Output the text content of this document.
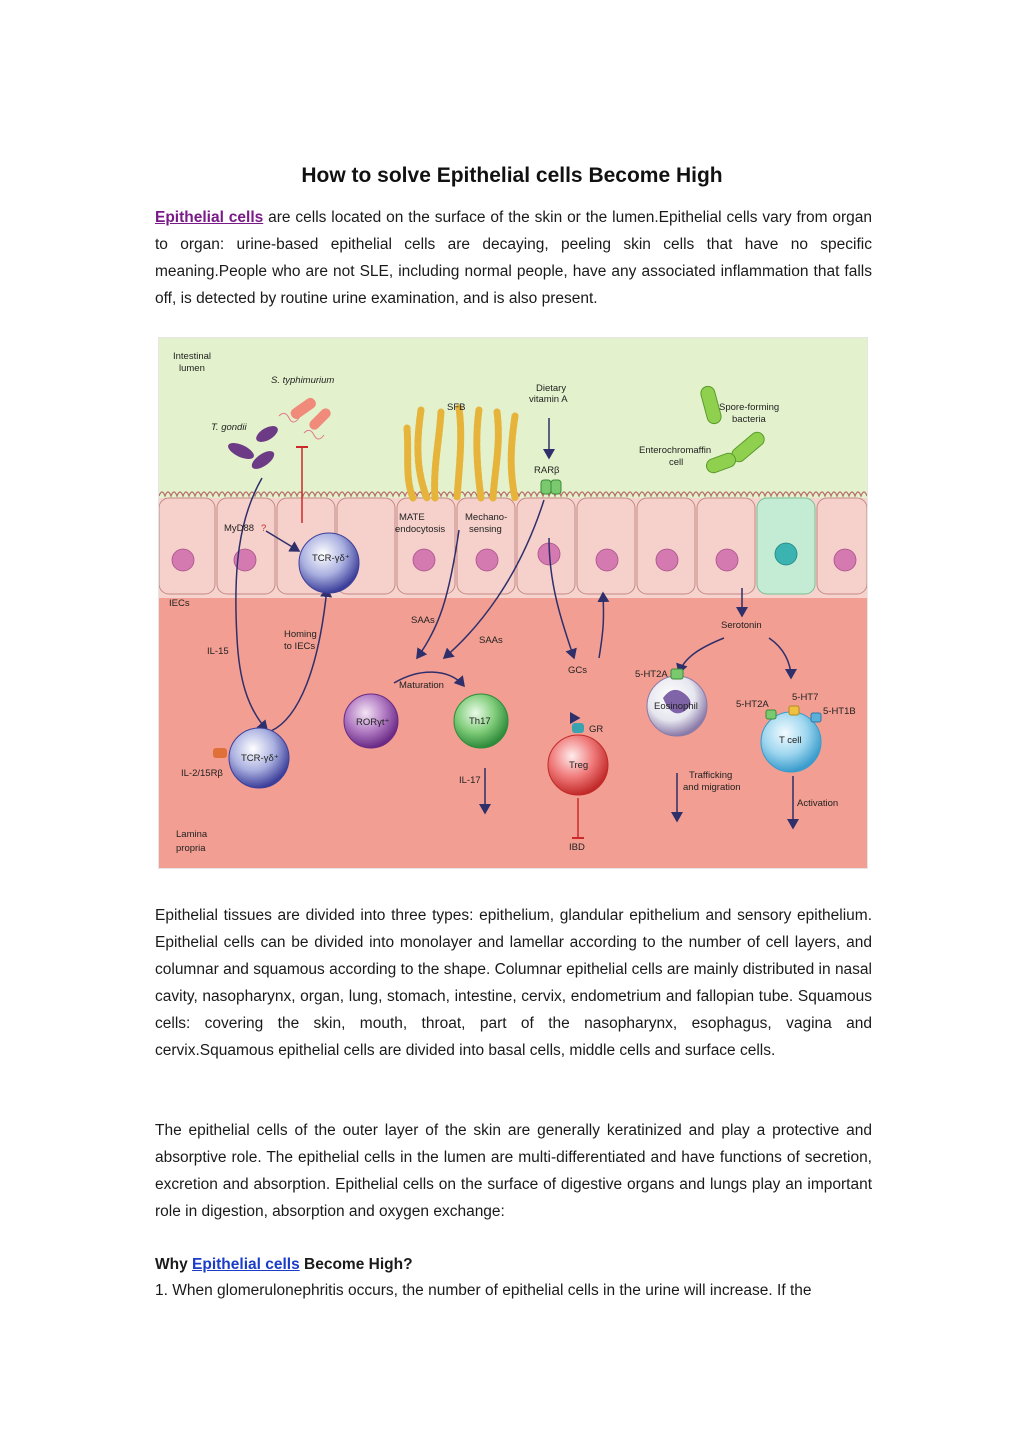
How to solve Epithelial cells Become High

Epithelial cells are cells located on the surface of the skin or the lumen.Epithelial cells vary from organ to organ: urine-based epithelial cells are decaying, peeling skin cells that have no specific meaning.People who are not SLE, including normal people, have any associated inflammation that falls off, is detected by routine urine examination, and is also present.

Intestinal
lumen
S. typhimurium
T. gondii
SFB
Dietary
vitamin A
Spore-forming
bacteria
Enterochromaffin
cell
RARβ
MyD88 ?
MATE
endocytosis
Mechano-
sensing
TCR-γδ⁺
IECs
SAAs
SAAs
Serotonin
IL-15
Homing
to IECs
GCs	5-HT2A
Maturation
5-HT7
5-HT2A
5-HT1B
RORγt⁺	Th17
GR
Eosinophil
T cell
TCR-γδ⁺
Treg
IL-2/15Rβ
IL-17	Trafficking
and migration
Activation
Lamina
propria	IBD

Epithelial tissues are divided into three types: epithelium, glandular epithelium and sensory epithelium. Epithelial cells can be divided into monolayer and lamellar according to the number of cell layers, and columnar and squamous according to the shape. Columnar epithelial cells are mainly distributed in nasal cavity, nasopharynx, organ, lung, stomach, intestine, cervix, endometrium and fallopian tube. Squamous cells: covering the skin, mouth, throat, part of the nasopharynx, esophagus, vagina and cervix.Squamous epithelial cells are divided into basal cells, middle cells and surface cells.

The epithelial cells of the outer layer of the skin are generally keratinized and play a protective and absorptive role. The epithelial cells in the lumen are multi-differentiated and have functions of secretion, excretion and absorption. Epithelial cells on the surface of digestive organs and lungs play an important role in digestion, absorption and oxygen exchange:

Why Epithelial cells Become High?

1. When glomerulonephritis occurs, the number of epithelial cells in the urine will increase. If the
